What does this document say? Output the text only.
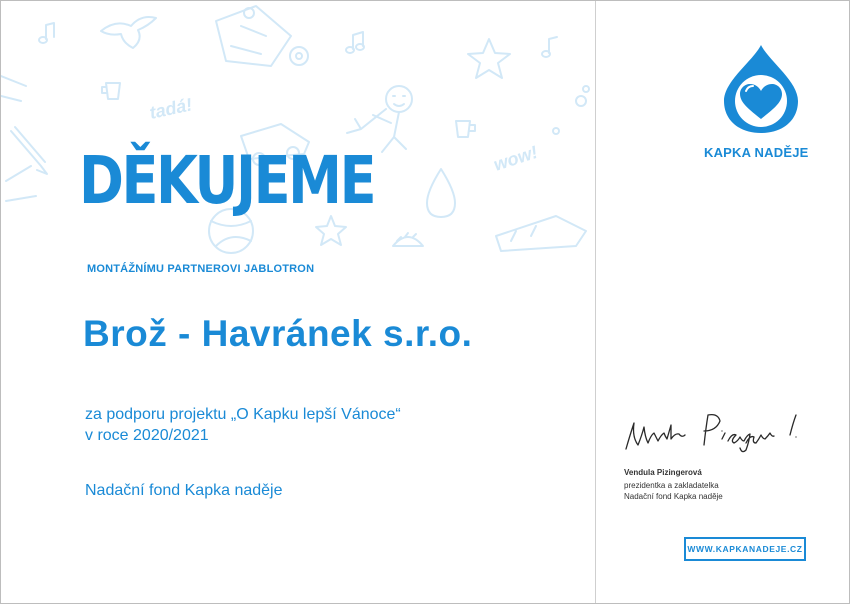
tadá!
wow!
DĚKUJEME
MONTÁŽNÍMU PARTNEROVI JABLOTRON
Brož - Havránek s.r.o.
za podporu projektu „O Kapku lepší Vánoce“
v roce 2020/2021
Nadační fond Kapka naděje
KAPKA NADĚJE
Vendula Pizingerová
prezidentka a zakladatelka
Nadační fond Kapka naděje
WWW.KAPKANADEJE.CZ
